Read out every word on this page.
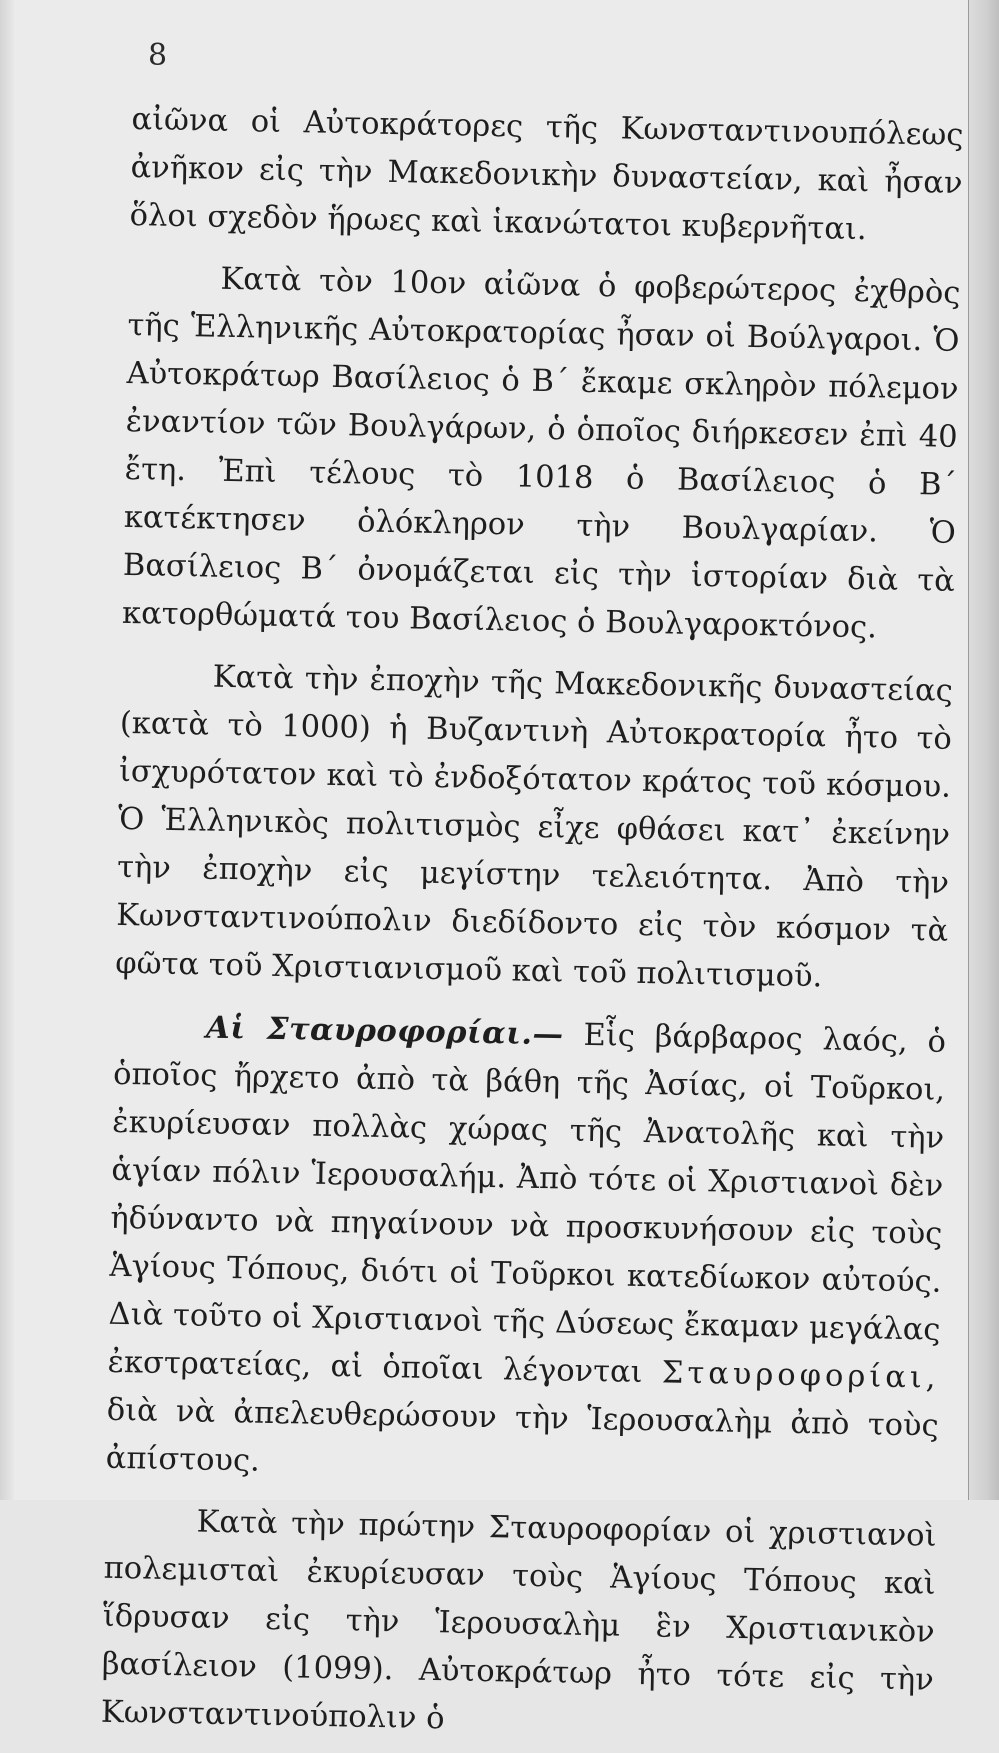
8

αἰῶνα οἱ Αὐτοκράτορες τῆς Κωνσταντινουπόλεως ἀνῆκον εἰς τὴν Μακεδονικὴν δυναστείαν, καὶ ἦσαν ὅλοι σχεδὸν ἥρωες καὶ ἱκανώτατοι κυβερνῆται.

Κατὰ τὸν 10ον αἰῶνα ὁ φοβερώτερος ἐχθρὸς τῆς Ἑλληνικῆς Αὐτοκρατορίας ἦσαν οἱ Βούλγαροι. Ὁ Αὐτοκράτωρ Βασίλειος ὁ Β΄ ἔκαμε σκληρὸν πόλεμον ἐναντίον τῶν Βουλγάρων, ὁ ὁποῖος διήρκεσεν ἐπὶ 40 ἔτη. Ἐπὶ τέλους τὸ 1018 ὁ Βασίλειος ὁ Β΄ κατέκτησεν ὁλόκληρον τὴν Βουλγαρίαν. Ὁ Βασίλειος Β΄ ὀνομάζεται εἰς τὴν ἱστορίαν διὰ τὰ κατορθώματά του Βασίλειος ὁ Βουλγαροκτόνος.

Κατὰ τὴν ἐποχὴν τῆς Μακεδονικῆς δυναστείας (κατὰ τὸ 1000) ἡ Βυζαντινὴ Αὐτοκρατορία ἦτο τὸ ἰσχυρότατον καὶ τὸ ἐνδοξότατον κράτος τοῦ κόσμου. Ὁ Ἑλληνικὸς πολιτισμὸς εἶχε φθάσει κατ᾿ ἐκείνην τὴν ἐποχὴν εἰς μεγίστην τελειότητα. Ἀπὸ τὴν Κωνσταντινούπολιν διεδίδοντο εἰς τὸν κόσμον τὰ φῶτα τοῦ Χριστιανισμοῦ καὶ τοῦ πολιτισμοῦ.

Αἱ Σταυροφορίαι.— Εἷς βάρβαρος λαός, ὁ ὁποῖος ἤρχετο ἀπὸ τὰ βάθη τῆς Ἀσίας, οἱ Τοῦρκοι, ἐκυρίευσαν πολλὰς χώρας τῆς Ἀνατολῆς καὶ τὴν ἁγίαν πόλιν Ἱερουσαλήμ. Ἀπὸ τότε οἱ Χριστιανοὶ δὲν ἠδύναντο νὰ πηγαίνουν νὰ προσκυνήσουν εἰς τοὺς Ἁγίους Τόπους, διότι οἱ Τοῦρκοι κατεδίωκον αὐτούς. Διὰ τοῦτο οἱ Χριστιανοὶ τῆς Δύσεως ἔκαμαν μεγάλας ἐκστρατείας, αἱ ὁποῖαι λέγονται Σταυροφορίαι, διὰ νὰ ἀπελευθερώσουν τὴν Ἱερουσαλὴμ ἀπὸ τοὺς ἀπίστους.

Κατὰ τὴν πρώτην Σταυροφορίαν οἱ χριστιανοὶ πολεμισταὶ ἐκυρίευσαν τοὺς Ἁγίους Τόπους καὶ ἵδρυσαν εἰς τὴν Ἱερουσαλὴμ ἓν Χριστιανικὸν βασίλειον (1099). Αὐτοκράτωρ ἦτο τότε εἰς τὴν Κωνσταντινούπολιν ὁ
